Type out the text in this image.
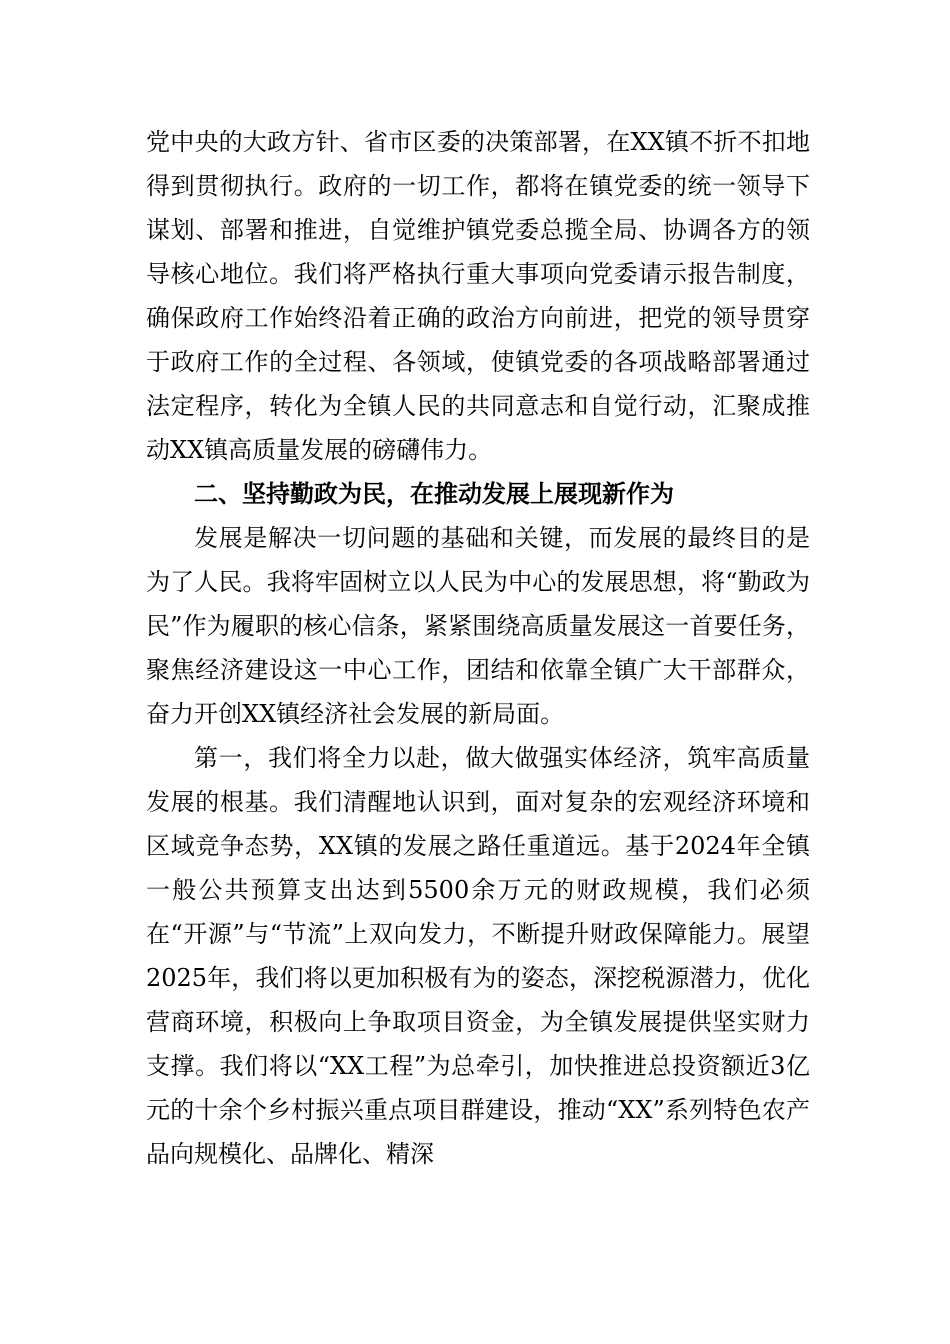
党中央的大政方针、省市区委的决策部署，在XX镇不折不扣地得到贯彻执行。政府的一切工作，都将在镇党委的统一领导下谋划、部署和推进，自觉维护镇党委总揽全局、协调各方的领导核心地位。我们将严格执行重大事项向党委请示报告制度，确保政府工作始终沿着正确的政治方向前进，把党的领导贯穿于政府工作的全过程、各领域，使镇党委的各项战略部署通过法定程序，转化为全镇人民的共同意志和自觉行动，汇聚成推动XX镇高质量发展的磅礴伟力。

二、坚持勤政为民，在推动发展上展现新作为

发展是解决一切问题的基础和关键，而发展的最终目的是为了人民。我将牢固树立以人民为中心的发展思想，将“勤政为民”作为履职的核心信条，紧紧围绕高质量发展这一首要任务，聚焦经济建设这一中心工作，团结和依靠全镇广大干部群众，奋力开创XX镇经济社会发展的新局面。

第一，我们将全力以赴，做大做强实体经济，筑牢高质量发展的根基。我们清醒地认识到，面对复杂的宏观经济环境和区域竞争态势，XX镇的发展之路任重道远。基于2024年全镇一般公共预算支出达到5500余万元的财政规模，我们必须在“开源”与“节流”上双向发力，不断提升财政保障能力。展望2025年，我们将以更加积极有为的姿态，深挖税源潜力，优化营商环境，积极向上争取项目资金，为全镇发展提供坚实财力支撑。我们将以“XX工程”为总牵引，加快推进总投资额近3亿元的十余个乡村振兴重点项目群建设，推动“XX”系列特色农产品向规模化、品牌化、精深
